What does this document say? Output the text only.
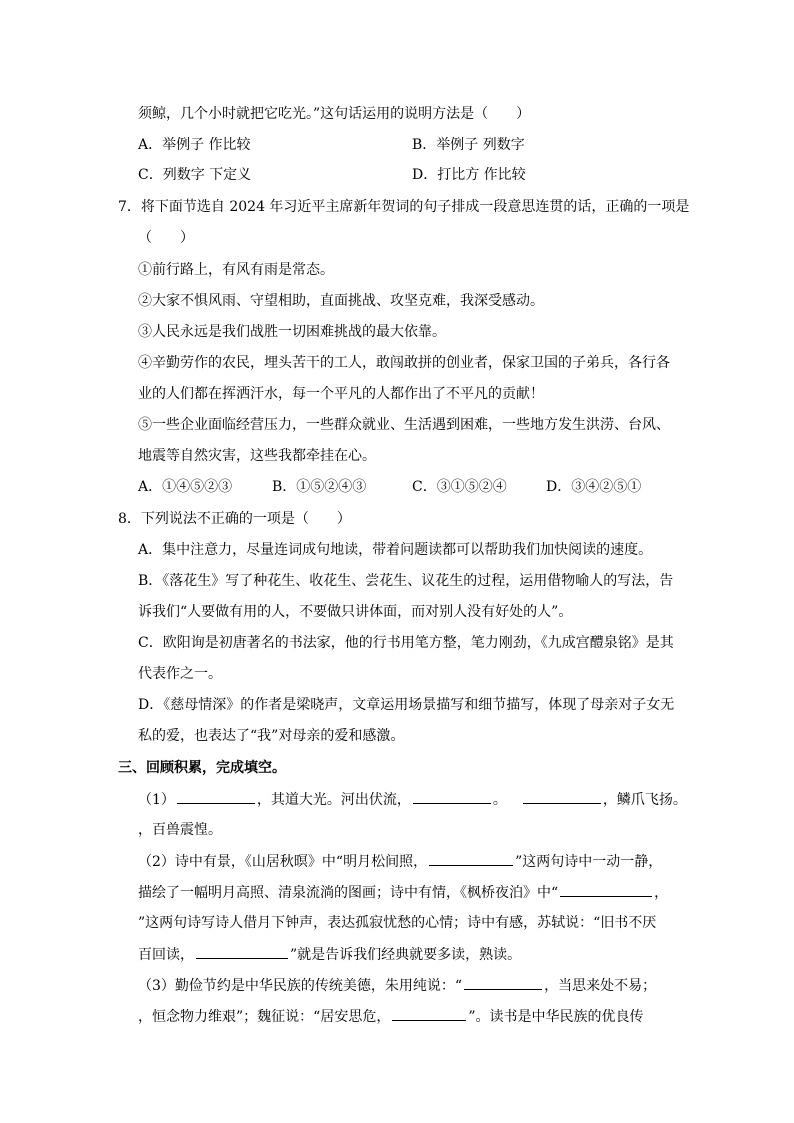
须鲸，几个小时就把它吃光。”这句话运用的说明方法是（　　）
A．举例子 作比较	B．举例子 列数字
C．列数字 下定义	D．打比方 作比较
7．将下面节选自 2024 年习近平主席新年贺词的句子排成一段意思连贯的话，正确的一项是
（　　）
①前行路上，有风有雨是常态。
②大家不惧风雨、守望相助，直面挑战、攻坚克难，我深受感动。
③人民永远是我们战胜一切困难挑战的最大依靠。
④辛勤劳作的农民，埋头苦干的工人，敢闯敢拼的创业者，保家卫国的子弟兵，各行各
业的人们都在挥洒汗水，每一个平凡的人都作出了不平凡的贡献！
⑤一些企业面临经营压力，一些群众就业、生活遇到困难，一些地方发生洪涝、台风、
地震等自然灾害，这些我都牵挂在心。
A．①④⑤②③	B．①⑤②④③	C．③①⑤②④	D．③④②⑤①
8．下列说法不正确的一项是（　　）
A．集中注意力，尽量连词成句地读，带着问题读都可以帮助我们加快阅读的速度。
B．《落花生》写了种花生、收花生、尝花生、议花生的过程，运用借物喻人的写法，告
诉我们“人要做有用的人，不要做只讲体面，而对别人没有好处的人”。
C．欧阳询是初唐著名的书法家，他的行书用笔方整，笔力刚劲，《九成宫醴泉铭》是其
代表作之一。
D．《慈母情深》的作者是梁晓声，文章运用场景描写和细节描写，体现了母亲对子女无
私的爱，也表达了“我”对母亲的爱和感激。
三、回顾积累，完成填空。
（1）	，其道大光。河出伏流，	。	，鳞爪飞扬。
，百兽震惶。
（2）诗中有景，《山居秋暝》中“明月松间照，	”这两句诗中一动一静，
描绘了一幅明月高照、清泉流淌的图画；诗中有情，《枫桥夜泊》中“	，
”这两句诗写诗人借月下钟声，表达孤寂忧愁的心情；诗中有感，苏轼说：“旧书不厌
百回读，	”就是告诉我们经典就要多读，熟读。
（3）勤俭节约是中华民族的传统美德，朱用纯说：“	，当思来处不易；
，恒念物力维艰”；魏征说：“居安思危，	”。读书是中华民族的优良传
